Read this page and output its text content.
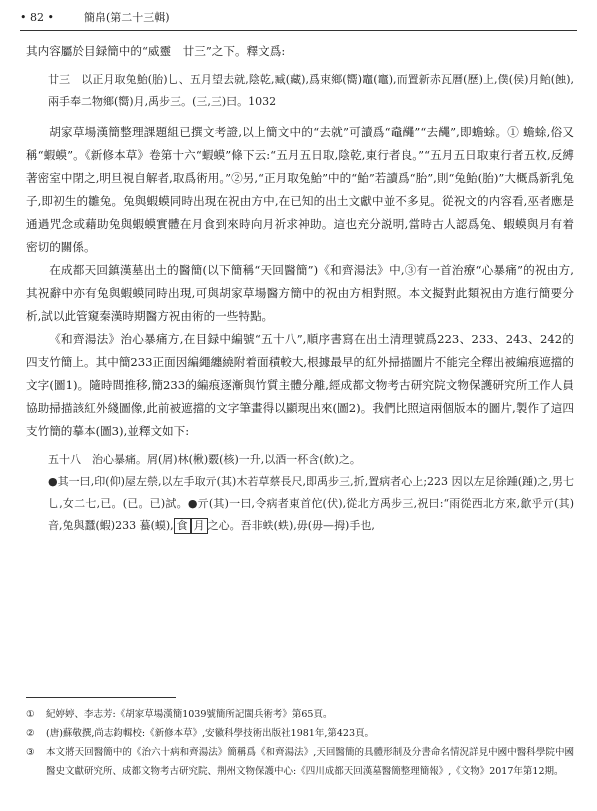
• 82 •	簡帛(第二十三輯)

其内容屬於目録簡中的“威靈　廿三”之下。釋文爲:

廿三　以正月取兔鮐(胎)乚、五月望去就,陰乾,臧(藏),爲束鄉(嚮)竈(竈),而置新赤瓦曆(歷)上,僕(侯)月鲐(蝕),兩手奉二物鄉(嚮)月,禹步三。(三,三)曰。1032

胡家草場漢簡整理課題組已撰文考證,以上簡文中的“去就”可讀爲“鼀𪓰”“去𪓰”,即蟾蜍。① 蟾蜍,俗又稱“蝦蟆”。《新修本草》卷第十六“蝦蟆”條下云:“五月五日取,陰乾,東行者良。”“五月五日取東行者五枚,反縛著密室中閉之,明旦視自解者,取爲術用。”②另,“正月取兔鮐”中的“鮐”若讀爲“胎”,則“兔鮐(胎)”大概爲新乳兔子,即初生的雛兔。兔與蝦蟆同時出現在祝由方中,在已知的出土文獻中並不多見。從祝文的内容看,巫者應是通過咒念或藉助兔與蝦蟆實體在月食到來時向月祈求神助。這也充分説明,當時古人認爲兔、蝦蟆與月有着密切的關係。

在成都天回鎮漢墓出土的醫簡(以下簡稱“天回醫簡”)《和齊湯法》中,③有一首治療“心暴痛”的祝由方,其祝辭中亦有兔與蝦蟆同時出現,可與胡家草場醫方簡中的祝由方相對照。本文擬對此類祝由方進行簡要分析,試以此管窺秦漢時期醫方祝由術的一些特點。

《和齊湯法》治心暴痛方,在目録中編號“五十八”,順序書寫在出土清理號爲223、233、243、242的四支竹簡上。其中簡233正面因編繩纏繞附着面積較大,根據最早的紅外掃描圖片不能完全釋出被編痕遮擋的文字(圖1)。隨時間推移,簡233的編痕逐漸與竹質主體分離,經成都文物考古研究院文物保護研究所工作人員協助掃描該紅外綫圖像,此前被遮擋的文字筆畫得以顯現出來(圖2)。我們比照這兩個版本的圖片,製作了這四支竹簡的摹本(圖3),並釋文如下:

五十八　治心暴痛。屑(屑)林(楸)覈(核)一升,以酒一杯含(飲)之。
●其一曰,印(仰)屋左禜,以左手取亓(其)木若草蔡長尺,即禹步三,折,置病者心上;223 因以左足徐踵(踵)之,男七乚,女二七,已。(已。已)試。●亓(其)一曰,令病者東首佗(伏),從北方禹步三,祝曰:“雨從西北方來,歙乎亓(其)音,兔與蠶(蝦)233 蟇(蟆), 食 月 之心。吾非蛈(蛈),毋(毋—拇)手也,
① 紀婷婷、李志芳:《胡家草場漢簡1039號簡所記閩兵術考》第65頁。
② (唐)蘇敬撰,尚志鈞輯校:《新修本草》,安徽科學技術出版社1981年,第423頁。
③ 本文將天回醫簡中的《治六十病和齊湯法》簡稱爲《和齊湯法》,天回醫簡的具體形制及分書命名情況詳見中國中醫科學院中國醫史文獻研究所、成都文物考古研究院、荆州文物保護中心:《四川成都天回漢墓醫簡整理簡報》,《文物》2017年第12期。
